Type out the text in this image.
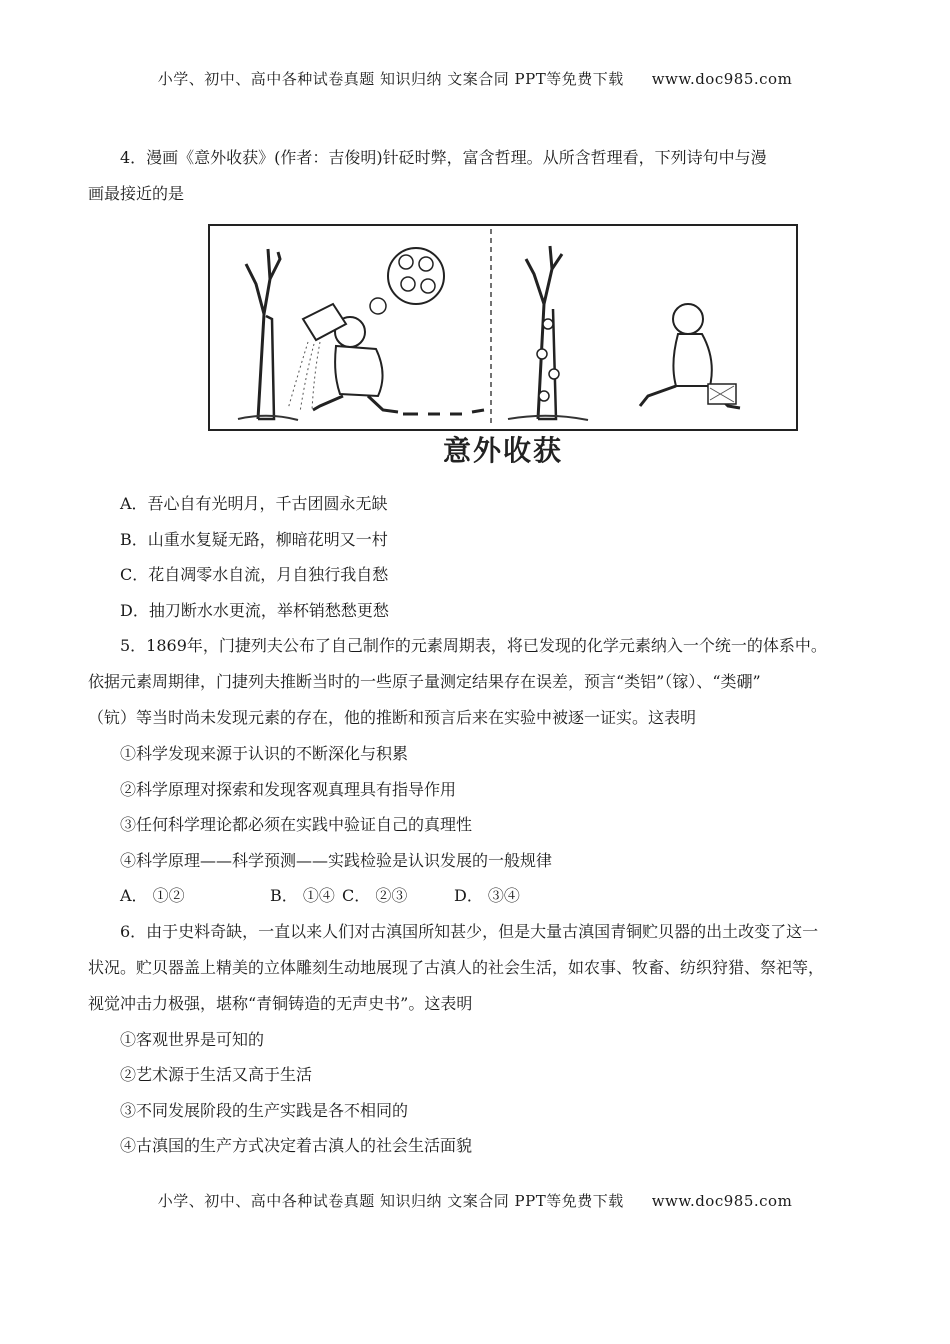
小学、初中、高中各种试卷真题 知识归纳 文案合同 PPT等免费下载 www.doc985.com

4．漫画《意外收获》(作者：吉俊明)针砭时弊，富含哲理。从所含哲理看，下列诗句中与漫

画最接近的是

意外收获

A．吾心自有光明月，千古团圆永无缺

B．山重水复疑无路，柳暗花明又一村

C．花自凋零水自流，月自独行我自愁

D．抽刀断水水更流，举杯销愁愁更愁

5．1869年，门捷列夫公布了自己制作的元素周期表，将已发现的化学元素纳入一个统一的体系中。

依据元素周期律，门捷列夫推断当时的一些原子量测定结果存在误差，预言“类铝”（镓）、“类硼”

（钪）等当时尚未发现元素的存在，他的推断和预言后来在实验中被逐一证实。这表明

①科学发现来源于认识的不断深化与积累

②科学原理对探索和发现客观真理具有指导作用

③任何科学理论都必须在实践中验证自己的真理性

④科学原理——科学预测——实践检验是认识发展的一般规律

A． ①②	B． ①④ C． ②③	D． ③④

6．由于史料奇缺，一直以来人们对古滇国所知甚少，但是大量古滇国青铜贮贝器的出土改变了这一

状况。贮贝器盖上精美的立体雕刻生动地展现了古滇人的社会生活，如农事、牧畜、纺织狩猎、祭祀等，

视觉冲击力极强，堪称“青铜铸造的无声史书”。这表明

①客观世界是可知的

②艺术源于生活又高于生活

③不同发展阶段的生产实践是各不相同的

④古滇国的生产方式决定着古滇人的社会生活面貌

小学、初中、高中各种试卷真题 知识归纳 文案合同 PPT等免费下载 www.doc985.com
